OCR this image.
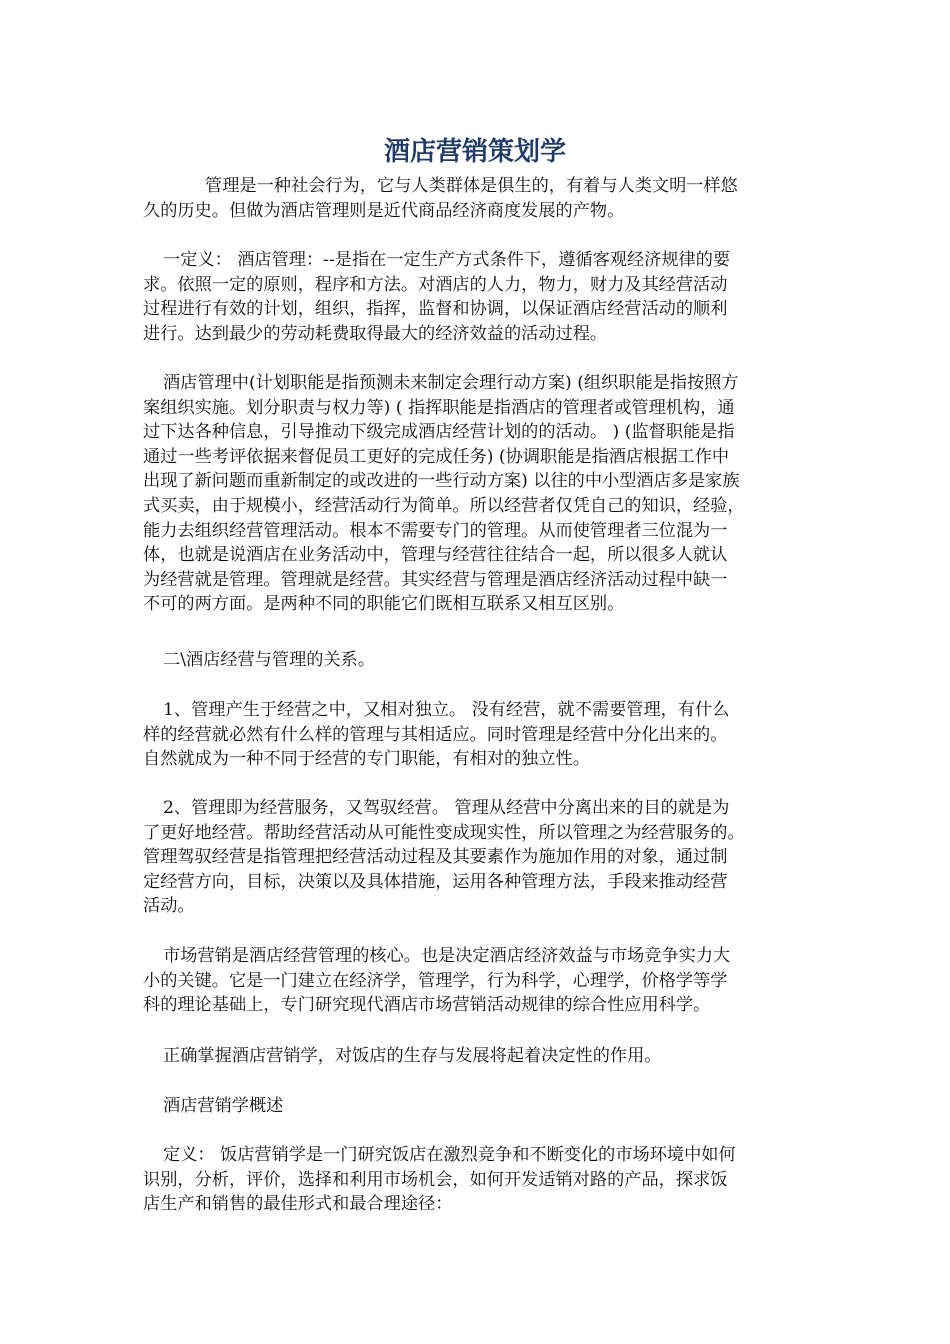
酒店营销策划学
管理是一种社会行为，它与人类群体是俱生的，有着与人类文明一样悠
久的历史。但做为酒店管理则是近代商品经济商度发展的产物。
一定义： 酒店管理：--是指在一定生产方式条件下，遵循客观经济规律的要
求。依照一定的原则，程序和方法。对酒店的人力，物力，财力及其经营活动
过程进行有效的计划，组织，指挥，监督和协调，以保证酒店经营活动的顺利
进行。达到最少的劳动耗费取得最大的经济效益的活动过程。
酒店管理中(计划职能是指预测未来制定会理行动方案) (组织职能是指按照方
案组织实施。划分职责与权力等) ( 指挥职能是指酒店的管理者或管理机构，通
过下达各种信息，引导推动下级完成酒店经营计划的的活动。 ) (监督职能是指
通过一些考评依据来督促员工更好的完成任务) (协调职能是指酒店根据工作中
出现了新问题而重新制定的或改进的一些行动方案) 以往的中小型酒店多是家族
式买卖，由于规模小，经营活动行为简单。所以经营者仅凭自己的知识，经验，
能力去组织经营管理活动。根本不需要专门的管理。从而使管理者三位混为一
体，也就是说酒店在业务活动中，管理与经营往往结合一起，所以很多人就认
为经营就是管理。管理就是经营。其实经营与管理是酒店经济活动过程中缺一
不可的两方面。是两种不同的职能它们既相互联系又相互区别。
二\酒店经营与管理的关系。
1、管理产生于经营之中，又相对独立。 没有经营，就不需要管理，有什么
样的经营就必然有什么样的管理与其相适应。同时管理是经营中分化出来的。
自然就成为一种不同于经营的专门职能，有相对的独立性。
2、管理即为经营服务，又驾驭经营。 管理从经营中分离出来的目的就是为
了更好地经营。帮助经营活动从可能性变成现实性，所以管理之为经营服务的。
管理驾驭经营是指管理把经营活动过程及其要素作为施加作用的对象，通过制
定经营方向，目标，决策以及具体措施，运用各种管理方法，手段来推动经营
活动。
市场营销是酒店经营管理的核心。也是决定酒店经济效益与市场竞争实力大
小的关键。它是一门建立在经济学，管理学，行为科学，心理学，价格学等学
科的理论基础上，专门研究现代酒店市场营销活动规律的综合性应用科学。
正确掌握酒店营销学，对饭店的生存与发展将起着决定性的作用。
酒店营销学概述
定义： 饭店营销学是一门研究饭店在激烈竞争和不断变化的市场环境中如何
识别，分析，评价，选择和利用市场机会，如何开发适销对路的产品，探求饭
店生产和销售的最佳形式和最合理途径：
